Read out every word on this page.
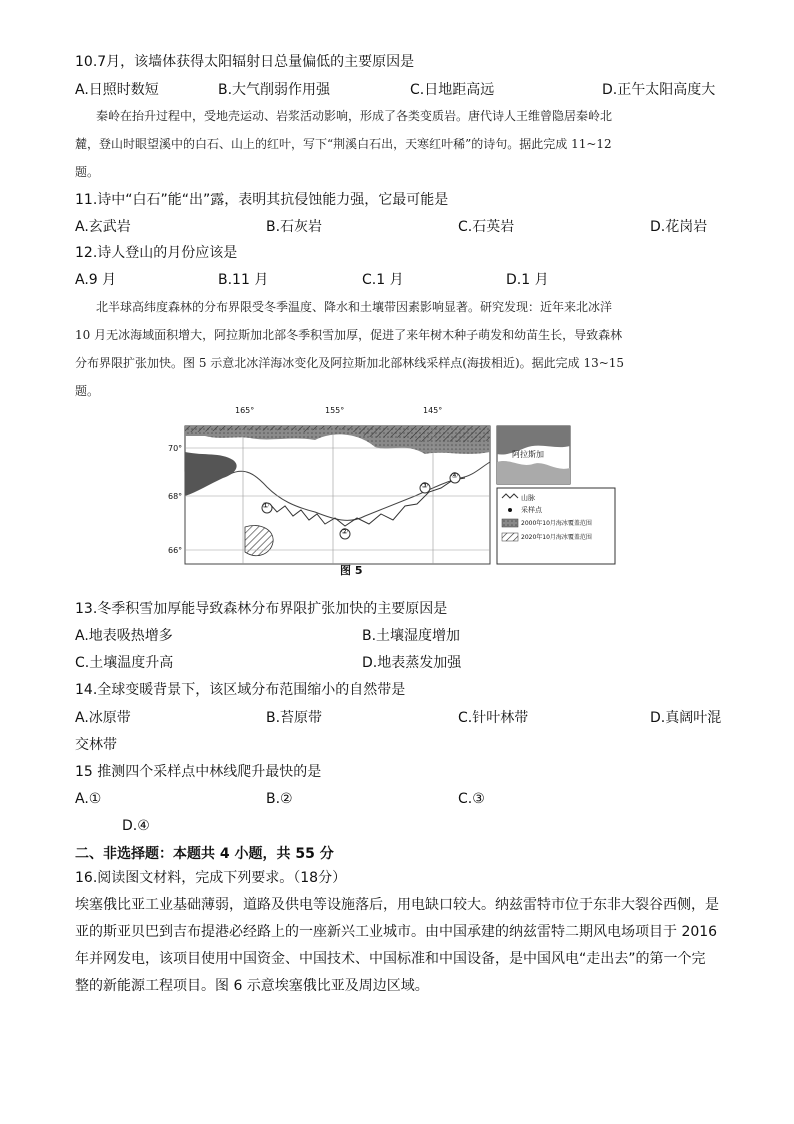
10.7月，该墙体获得太阳辐射日总量偏低的主要原因是
A.日照时数短	B.大气削弱作用强	C.日地距高远	D.正午太阳高度大
秦岭在抬升过程中，受地壳运动、岩浆活动影响，形成了各类变质岩。唐代诗人王维曾隐居秦岭北
麓，登山时眼望溪中的白石、山上的红叶，写下“荆溪白石出，天寒红叶稀”的诗句。据此完成 11~12
题。
11.诗中“白石”能“出”露，表明其抗侵蚀能力强，它最可能是
A.玄武岩	B.石灰岩	C.石英岩	D.花岗岩
12.诗人登山的月份应该是
A.9 月	B.11 月	C.1 月	D.1 月
北半球高纬度森林的分布界限受冬季温度、降水和土壤带因素影响显著。研究发现：近年来北冰洋
10 月无冰海域面积增大，阿拉斯加北部冬季积雪加厚，促进了来年树木种子萌发和幼苗生长，导致森林
分布界限扩张加快。图 5 示意北冰洋海冰变化及阿拉斯加北部林线采样点(海拔相近)。据此完成 13~15
题。
165°	155°	145°
70°
68°
66°
①
②
③
④
阿拉斯加
山脉
采样点
2000年10月海冰覆盖范围
2020年10月海冰覆盖范围
图 5
13.冬季积雪加厚能导致森林分布界限扩张加快的主要原因是
A.地表吸热增多	B.土壤湿度增加
C.土壤温度升高	D.地表蒸发加强
14.全球变暖背景下，该区域分布范围缩小的自然带是
A.冰原带	B.苔原带	C.针叶林带	D.真阔叶混
交林带
15 推测四个采样点中林线爬升最快的是
A.①	B.②	C.③
D.④
二、非选择题：本题共 4 小题，共 55 分
16.阅读图文材料，完成下列要求。（18分）
埃塞俄比亚工业基础薄弱，道路及供电等设施落后，用电缺口较大。纳兹雷特市位于东非大裂谷西侧，是
亚的斯亚贝巴到吉布提港必经路上的一座新兴工业城市。由中国承建的纳兹雷特二期风电场项目于 2016
年并网发电，该项目使用中国资金、中国技术、中国标准和中国设备，是中国风电“走出去”的第一个完
整的新能源工程项目。图 6 示意埃塞俄比亚及周边区域。
